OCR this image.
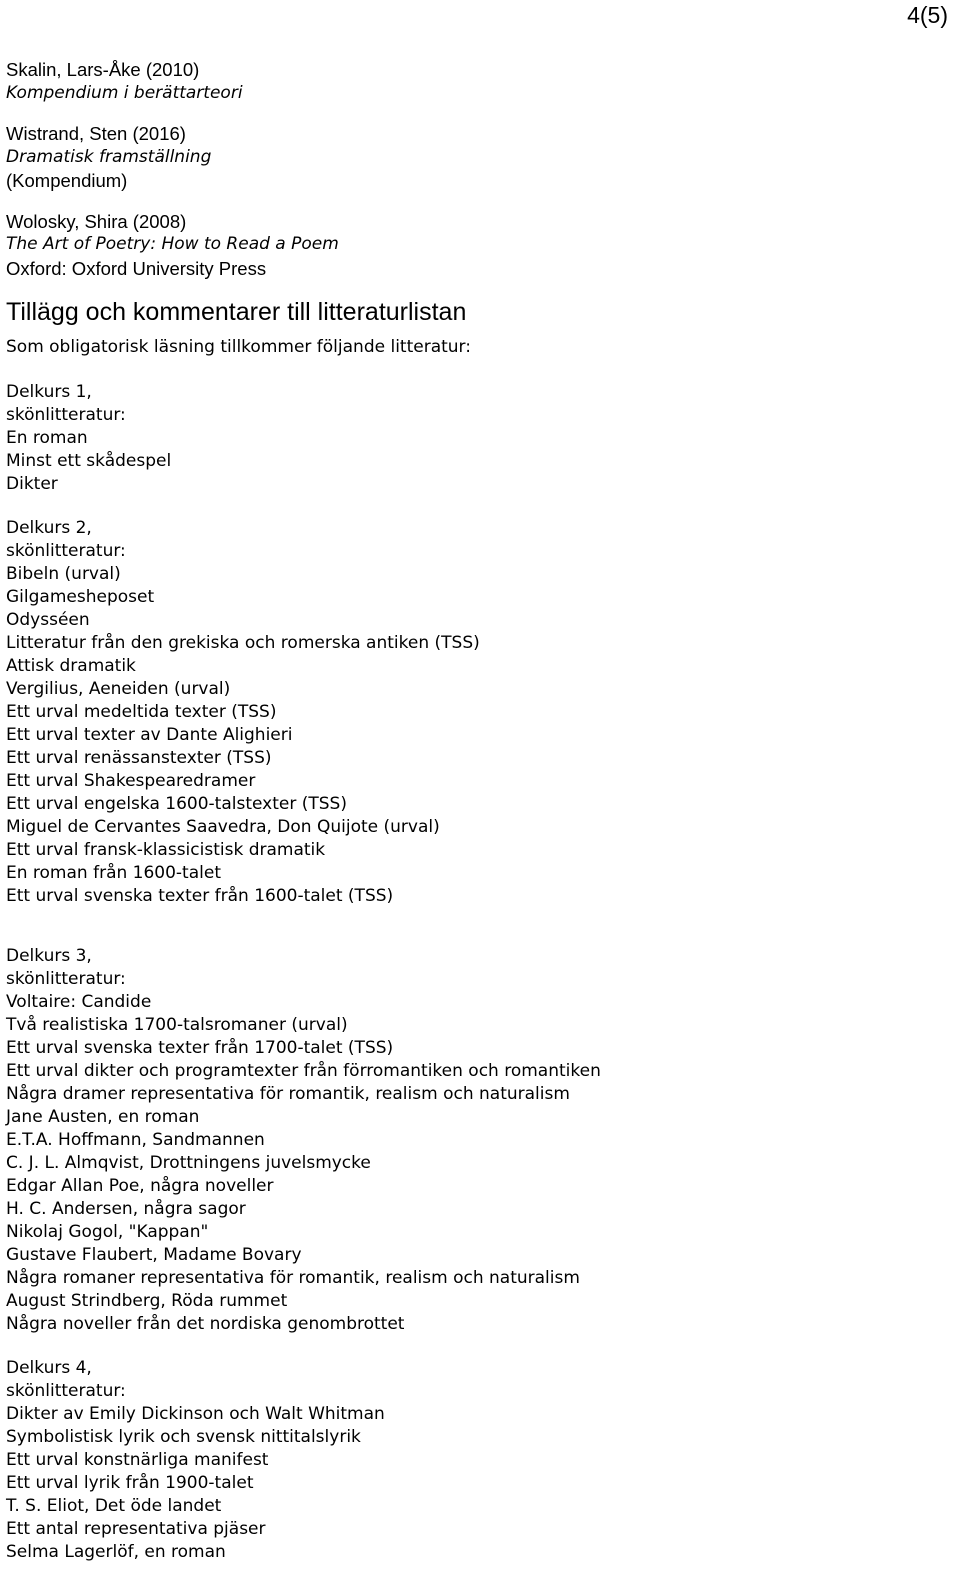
4(5)
Skalin, Lars-Åke (2010)
Kompendium i berättarteori
Wistrand, Sten (2016)
Dramatisk framställning
(Kompendium)
Wolosky, Shira (2008)
The Art of Poetry: How to Read a Poem
Oxford: Oxford University Press
Tillägg och kommentarer till litteraturlistan
Som obligatorisk läsning tillkommer följande litteratur:
Delkurs 1,
skönlitteratur:
En roman
Minst ett skådespel
Dikter
Delkurs 2,
skönlitteratur:
Bibeln (urval)
Gilgamesheposet
Odysséen
Litteratur från den grekiska och romerska antiken (TSS)
Attisk dramatik
Vergilius, Aeneiden (urval)
Ett urval medeltida texter (TSS)
Ett urval texter av Dante Alighieri
Ett urval renässanstexter (TSS)
Ett urval Shakespearedramer
Ett urval engelska 1600-talstexter (TSS)
Miguel de Cervantes Saavedra, Don Quijote (urval)
Ett urval fransk-klassicistisk dramatik
En roman från 1600-talet
Ett urval svenska texter från 1600-talet (TSS)
Delkurs 3,
skönlitteratur:
Voltaire: Candide
Två realistiska 1700-talsromaner (urval)
Ett urval svenska texter från 1700-talet (TSS)
Ett urval dikter och programtexter från förromantiken och romantiken
Några dramer representativa för romantik, realism och naturalism
Jane Austen, en roman
E.T.A. Hoffmann, Sandmannen
C. J. L. Almqvist, Drottningens juvelsmycke
Edgar Allan Poe, några noveller
H. C. Andersen, några sagor
Nikolaj Gogol, "Kappan"
Gustave Flaubert, Madame Bovary
Några romaner representativa för romantik, realism och naturalism
August Strindberg, Röda rummet
Några noveller från det nordiska genombrottet
Delkurs 4,
skönlitteratur:
Dikter av Emily Dickinson och Walt Whitman
Symbolistisk lyrik och svensk nittitalslyrik
Ett urval konstnärliga manifest
Ett urval lyrik från 1900-talet
T. S. Eliot, Det öde landet
Ett antal representativa pjäser
Selma Lagerlöf, en roman
